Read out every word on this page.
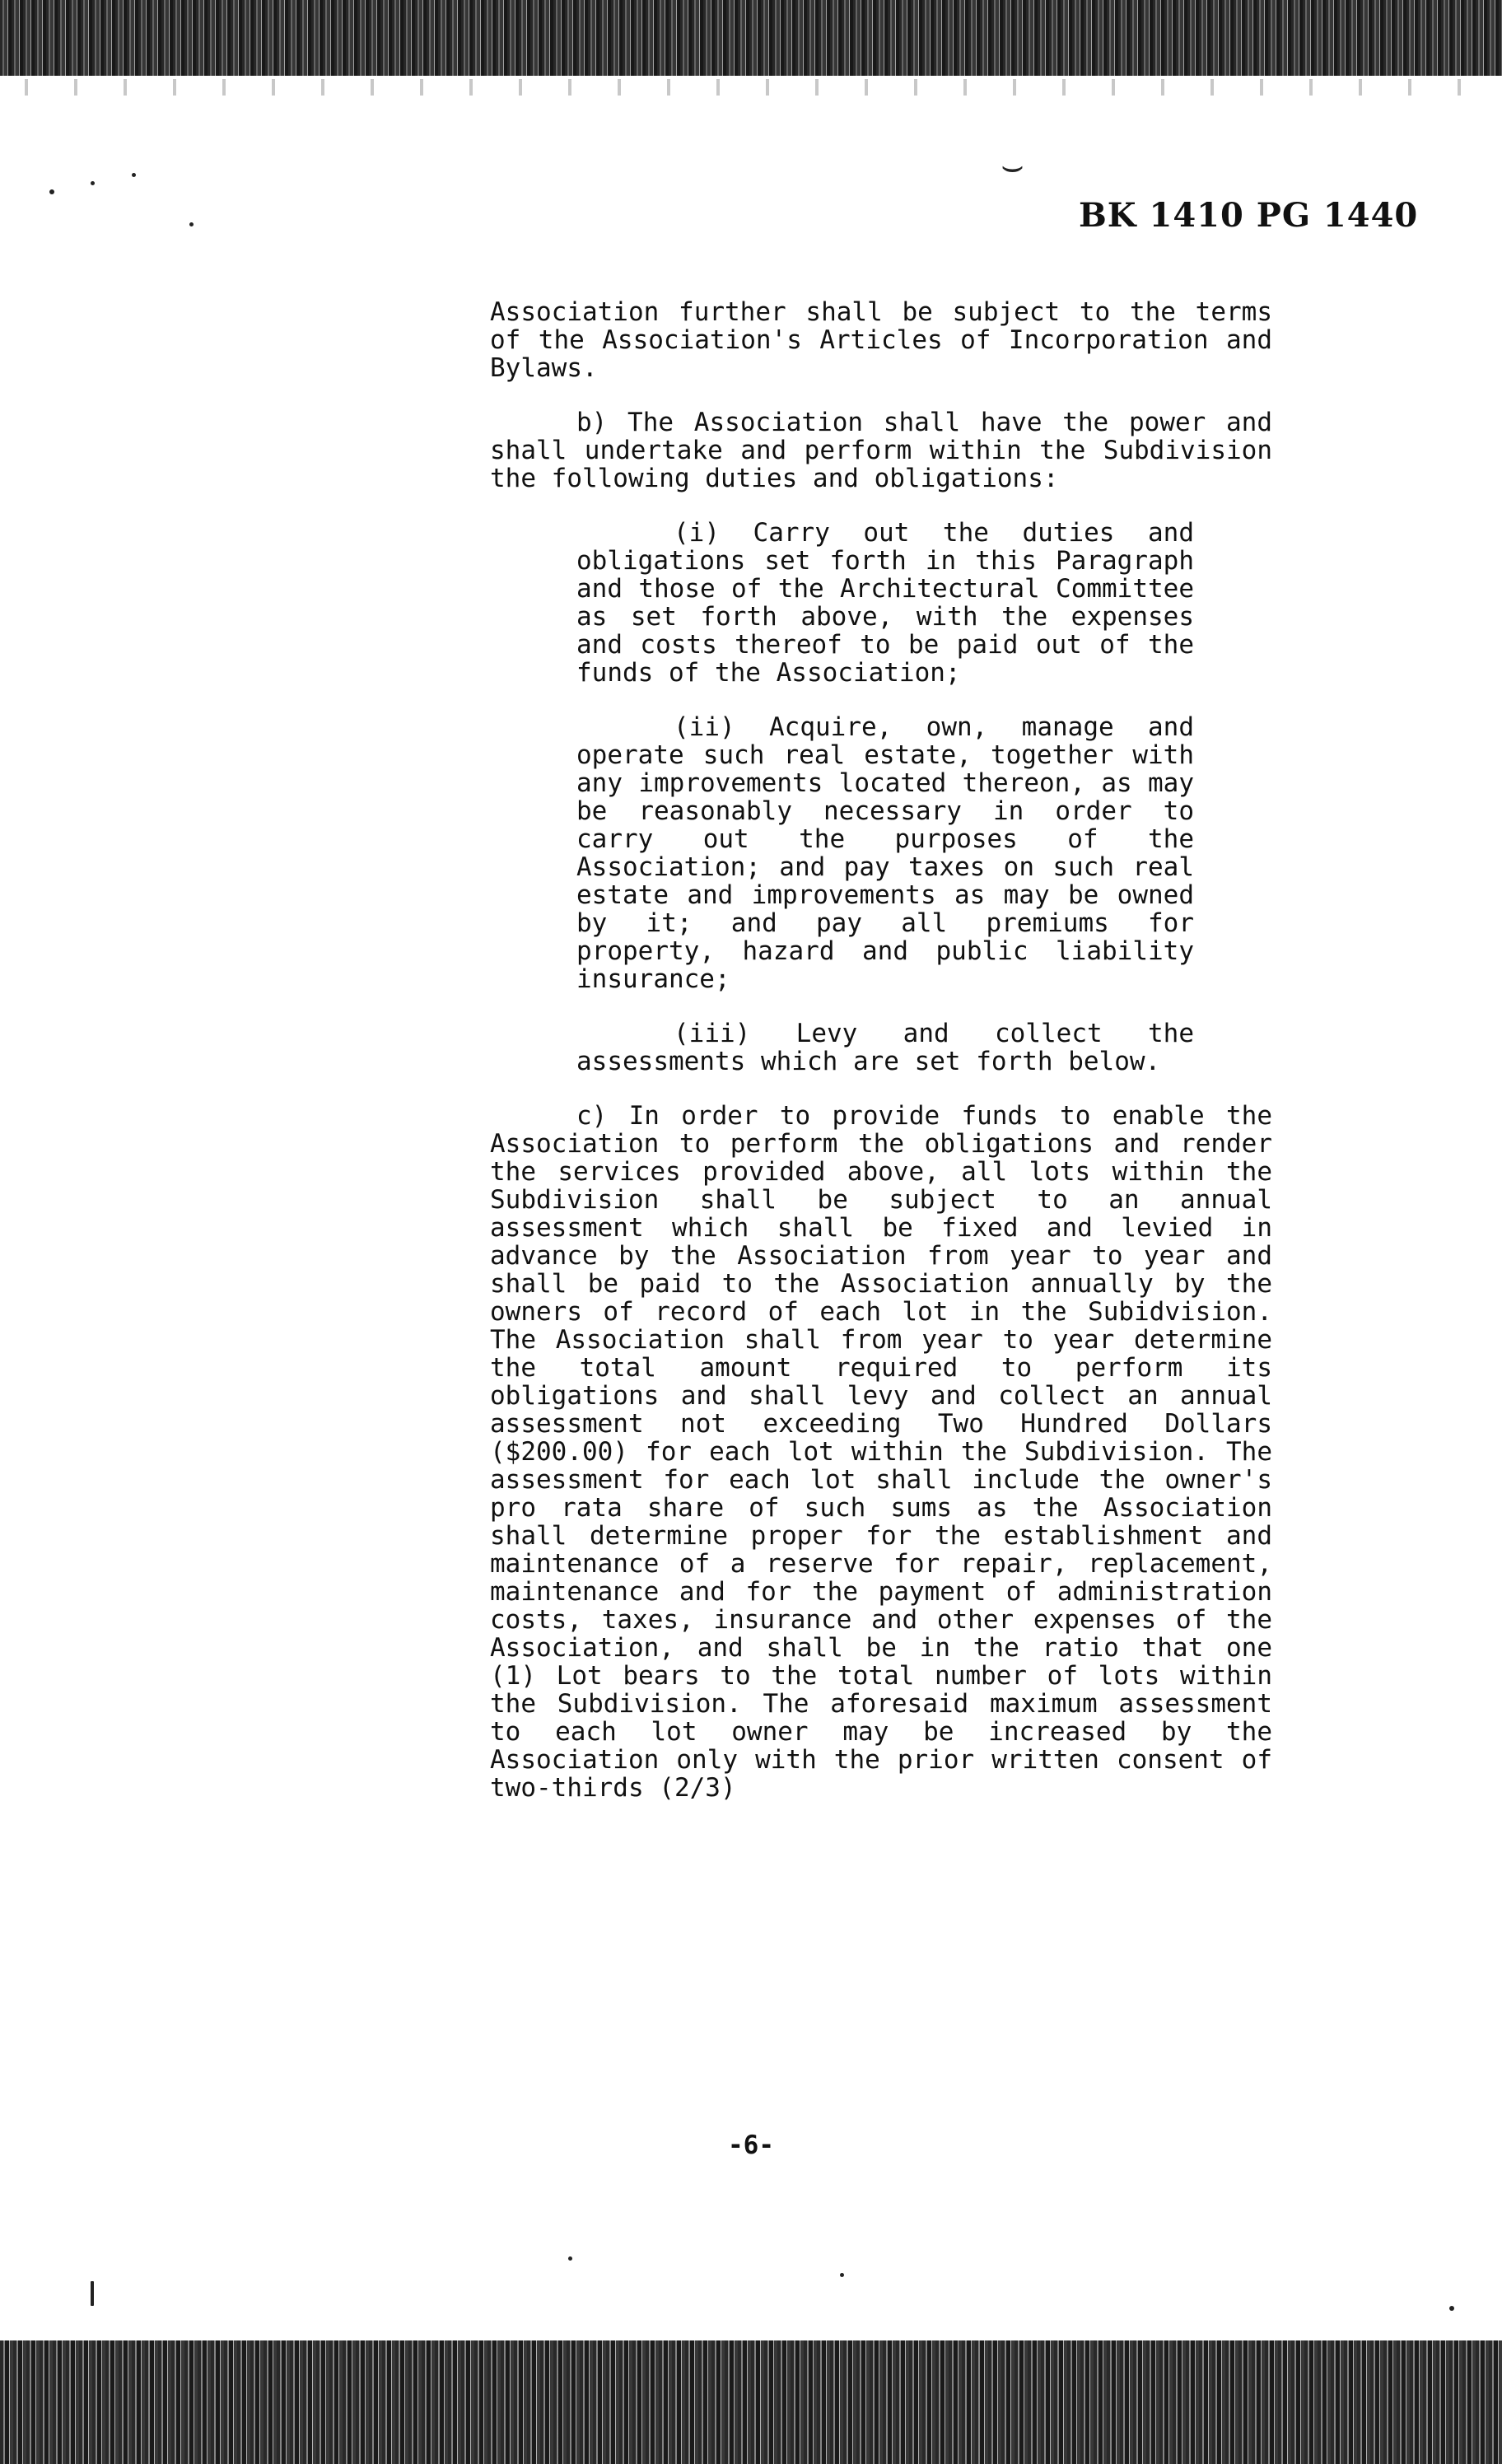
⌣
BK 1410 PG 1440

Association further shall be subject to the terms of the Association's Articles of Incorporation and Bylaws.

b) The Association shall have the power and shall undertake and perform within the Subdivision the following duties and obligations:

(i) Carry out the duties and obligations set forth in this Paragraph and those of the Architectural Committee as set forth above, with the expenses and costs thereof to be paid out of the funds of the Association;

(ii) Acquire, own, manage and operate such real estate, together with any improvements located thereon, as may be reasonably necessary in order to carry out the purposes of the Association; and pay taxes on such real estate and improvements as may be owned by it; and pay all premiums for property, hazard and public liability insurance;

(iii) Levy and collect the assessments which are set forth below.

c) In order to provide funds to enable the Association to perform the obligations and render the services provided above, all lots within the Subdivision shall be subject to an annual assessment which shall be fixed and levied in advance by the Association from year to year and shall be paid to the Association annually by the owners of record of each lot in the Subidvision. The Association shall from year to year determine the total amount required to perform its obligations and shall levy and collect an annual assessment not exceeding Two Hundred Dollars ($200.00) for each lot within the Subdivision. The assessment for each lot shall include the owner's pro rata share of such sums as the Association shall determine proper for the establishment and maintenance of a reserve for repair, replacement, maintenance and for the payment of administration costs, taxes, insurance and other expenses of the Association, and shall be in the ratio that one (1) Lot bears to the total number of lots within the Subdivision. The aforesaid maximum assessment to each lot owner may be increased by the Association only with the prior written consent of two-thirds (2/3)

-6-
